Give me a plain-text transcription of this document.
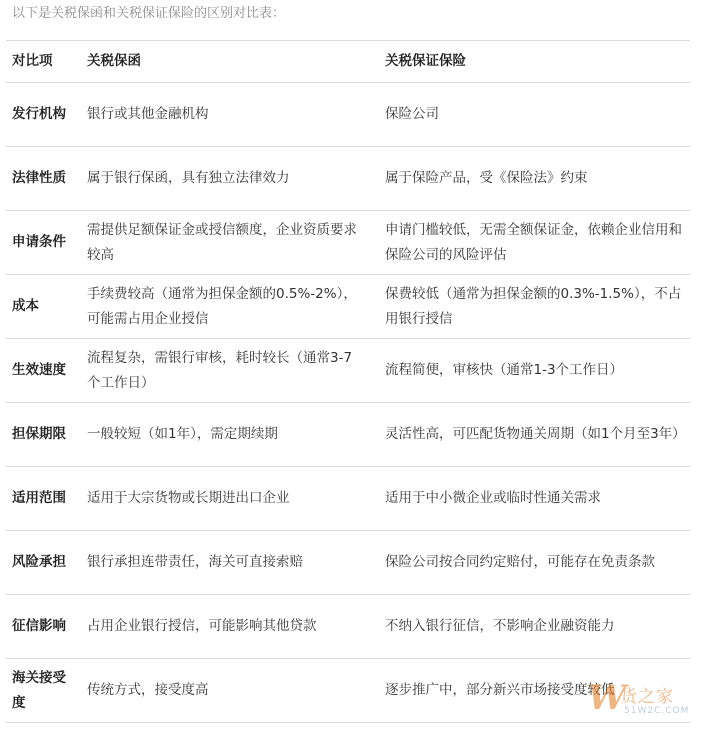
以下是关税保函和关税保证保险的区别对比表：
对比项	关税保函	关税保证保险
发行机构	银行或其他金融机构	保险公司
法律性质	属于银行保函，具有独立法律效力	属于保险产品，受《保险法》约束
申请条件	需提供足额保证金或授信额度，企业资质要求较高	申请门槛较低，无需全额保证金，依赖企业信用和保险公司的风险评估
成本	手续费较高（通常为担保金额的0.5%-2%），可能需占用企业授信	保费较低（通常为担保金额的0.3%-1.5%），不占用银行授信
生效速度	流程复杂，需银行审核，耗时较长（通常3-7个工作日）	流程简便，审核快（通常1-3个工作日）
担保期限	一般较短（如1年），需定期续期	灵活性高，可匹配货物通关周期（如1个月至3年）
适用范围	适用于大宗货物或长期进出口企业	适用于中小微企业或临时性通关需求
风险承担	银行承担连带责任，海关可直接索赔	保险公司按合同约定赔付，可能存在免责条款
征信影响	占用企业银行授信，可能影响其他贷款	不纳入银行征信，不影响企业融资能力
海关接受度	传统方式，接受度高	逐步推广中，部分新兴市场接受度较低
W
货之家
51W2C.COM
